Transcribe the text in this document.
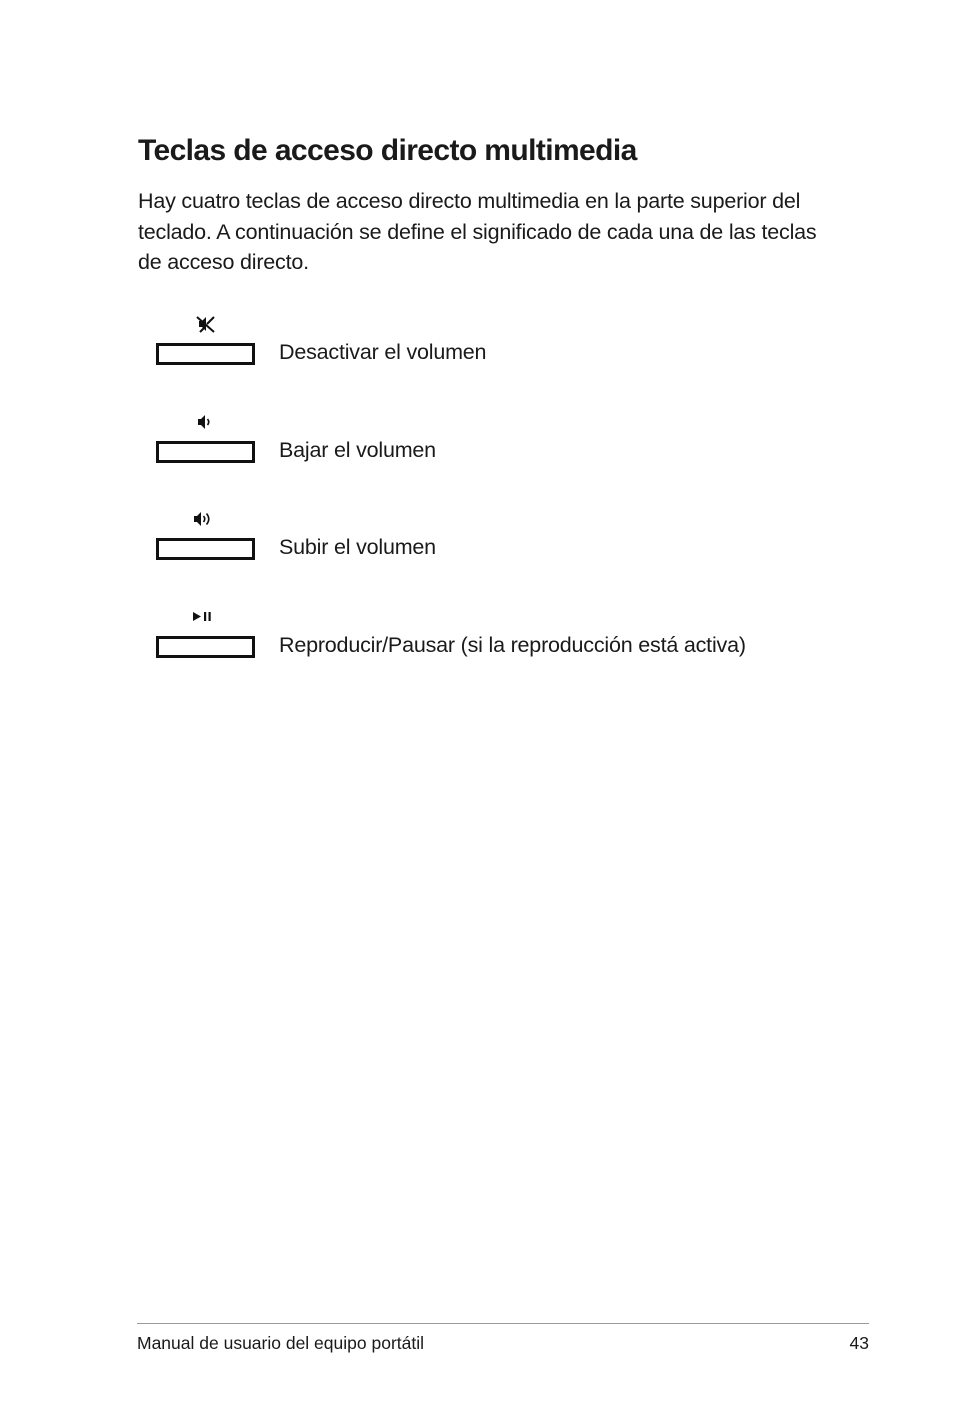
Teclas de acceso directo multimedia

Hay cuatro teclas de acceso directo multimedia en la parte superior del teclado. A continuación se define el significado de cada una de las teclas de acceso directo.

Desactivar el volumen
Bajar el volumen
Subir el volumen
Reproducir/Pausar (si la reproducción está activa)
Manual de usuario del equipo portátil	43
